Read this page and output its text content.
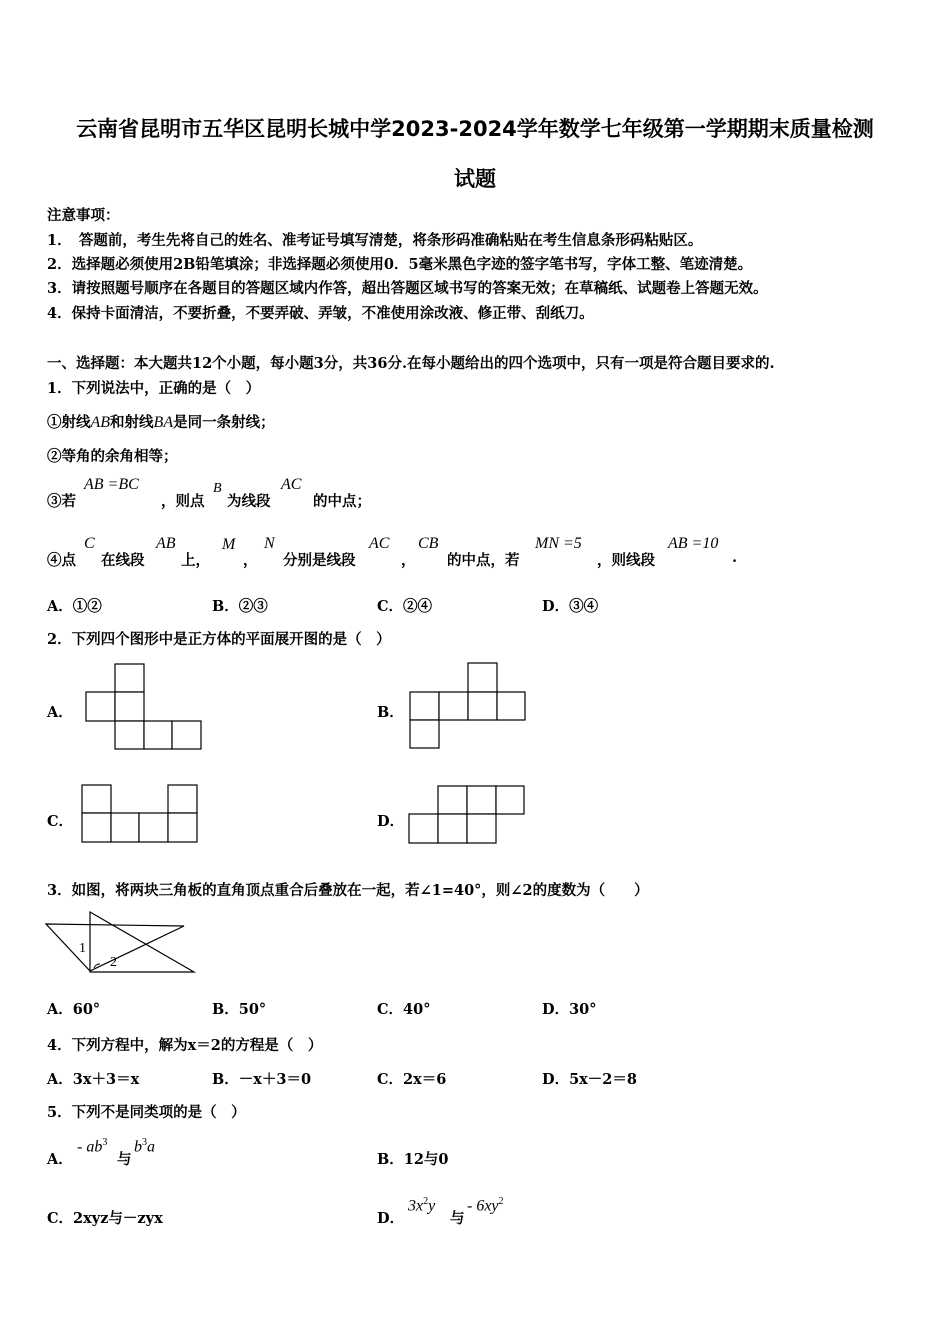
云南省昆明市五华区昆明长城中学2023-2024学年数学七年级第一学期期末质量检测
试题
注意事项：
1．　答题前，考生先将自己的姓名、准考证号填写清楚，将条形码准确粘贴在考生信息条形码粘贴区。
2．选择题必须使用2B铅笔填涂；非选择题必须使用0．5毫米黑色字迹的签字笔书写，字体工整、笔迹清楚。
3．请按照题号顺序在各题目的答题区域内作答，超出答题区域书写的答案无效；在草稿纸、试题卷上答题无效。
4．保持卡面清洁，不要折叠，不要弄破、弄皱，不准使用涂改液、修正带、刮纸刀。
一、选择题：本大题共12个小题，每小题3分，共36分.在每小题给出的四个选项中，只有一项是符合题目要求的.
1．下列说法中，正确的是（　）
①射线AB和射线BA是同一条射线；
②等角的余角相等；
③若
AB =BC
，则点
B
为线段
AC
的中点；
④点
C
在线段
AB
上，
M
，
N
分别是线段
AC
，
CB
的中点，若
MN =5
，则线段
AB =10
.
A．①②	B．②③	C．②④	D．③④
2．下列四个图形中是正方体的平面展开图的是（　）
A．	B．
C．	D．
3．如图，将两块三角板的直角顶点重合后叠放在一起，若∠1=40°，则∠2的度数为（　　）
1
2
A．60°	B．50°	C．40°	D．30°
4．下列方程中，解为x＝2的方程是（　）
A．3x＋3＝x	B．－x＋3＝0	C．2x＝6	D．5x－2＝8
5．下列不是同类项的是（　）
A．
- $ab^3$
与
$b^3a$
B．12与0
C．2xyz与－zyx	D．
$3x^2y$
与
- $6xy^2$
